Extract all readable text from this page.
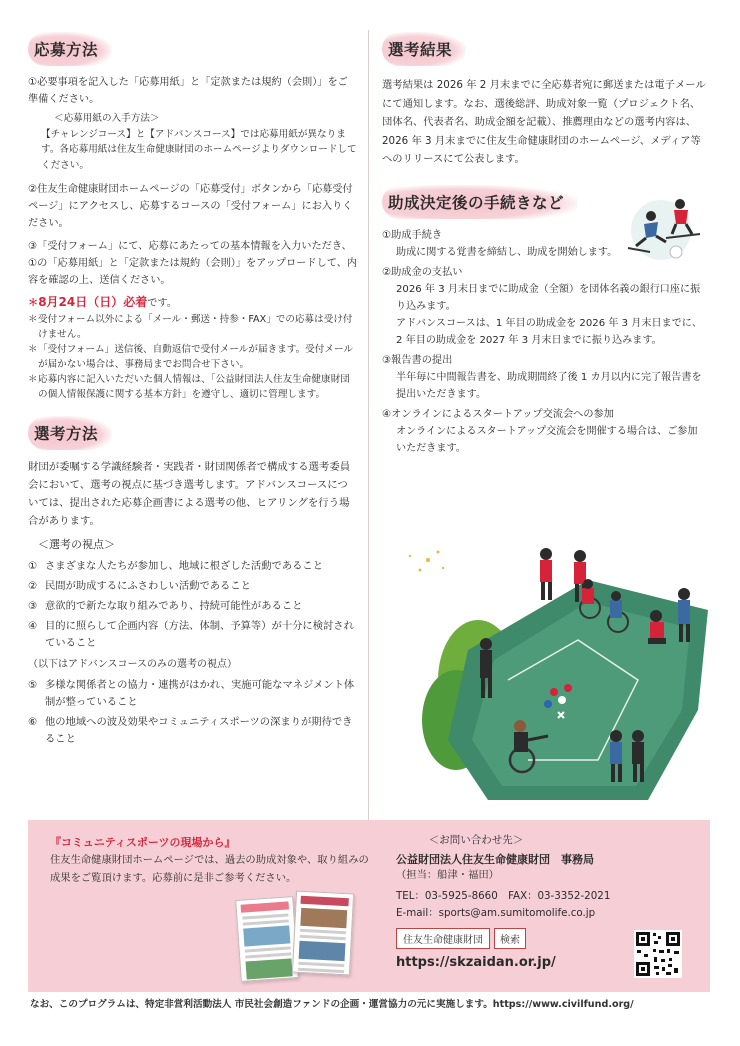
応募方法
①必要事項を記入した「応募用紙」と「定款または規約（会則）」をご準備ください。
＜応募用紙の入手方法＞
【チャレンジコース】と【アドバンスコース】では応募用紙が異なります。各応募用紙は住友生命健康財団のホームページよりダウンロードしてください。
②住友生命健康財団ホームページの「応募受付」ボタンから「応募受付ページ」にアクセスし、応募するコースの「受付フォーム」にお入りください。
③「受付フォーム」にて、応募にあたっての基本情報を入力いただき、①の「応募用紙」と「定款または規約（会則）」をアップロードして、内容を確認の上、送信ください。
＊8月24日（日）必着です。
＊ 受付フォーム以外による「メール・郵送・持参・FAX」での応募は受け付けません。
＊ 「受付フォーム」送信後、自動返信で受付メールが届きます。受付メールが届かない場合は、事務局までお問合せ下さい。
＊ 応募内容に記入いただいた個人情報は、「公益財団法人住友生命健康財団の個人情報保護に関する基本方針」を遵守し、適切に管理します。
選考方法
財団が委嘱する学識経験者・実践者・財団関係者で構成する選考委員会において、選考の視点に基づき選考します。アドバンスコースについては、提出された応募企画書による選考の他、ヒアリングを行う場合があります。
＜選考の視点＞
① さまざまな人たちが参加し、地域に根ざした活動であること
② 民間が助成するにふさわしい活動であること
③ 意欲的で新たな取り組みであり、持続可能性があること
④ 目的に照らして企画内容（方法、体制、予算等）が十分に検討されていること
（以下はアドバンスコースのみの選考の視点）
⑤ 多様な関係者との協力・連携がはかれ、実施可能なマネジメント体制が整っていること
⑥ 他の地域への波及効果やコミュニティスポーツの深まりが期待できること
選考結果
選考結果は 2026 年 2 月末までに全応募者宛に郵送または電子メールにて通知します。なお、選後総評、助成対象一覧（プロジェクト名、団体名、代表者名、助成金額を記載）、推薦理由などの選考内容は、2026 年 3 月末までに住友生命健康財団のホームページ、メディア等へのリリースにて公表します。
助成決定後の手続きなど
①助成手続き
助成に関する覚書を締結し、助成を開始します。
②助成金の支払い
2026 年 3 月末日までに助成金（全額）を団体名義の銀行口座に振り込みます。
アドバンスコースは、1 年目の助成金を 2026 年 3 月末日までに、2 年目の助成金を 2027 年 3 月末日までに振り込みます。
③報告書の提出
半年毎に中間報告書を、助成期間終了後 1 カ月以内に完了報告書を提出いただきます。
④オンラインによるスタートアップ交流会への参加
オンラインによるスタートアップ交流会を開催する場合は、ご参加いただきます。
『コミュニティスポーツの現場から』
住友生命健康財団ホームページでは、過去の助成対象や、取り組みの成果をご覧頂けます。応募前に是非ご参考ください。
＜お問い合わせ先＞
公益財団法人住友生命健康財団　事務局
（担当：船津・福田）
TEL：03-5925-8660　FAX：03-3352-2021
E-mail：sports@am.sumitomolife.co.jp
住友生命健康財団	検索
https://skzaidan.or.jp/
なお、このプログラムは、特定非営利活動法人 市民社会創造ファンドの企画・運営協力の元に実施します。https://www.civilfund.org/
